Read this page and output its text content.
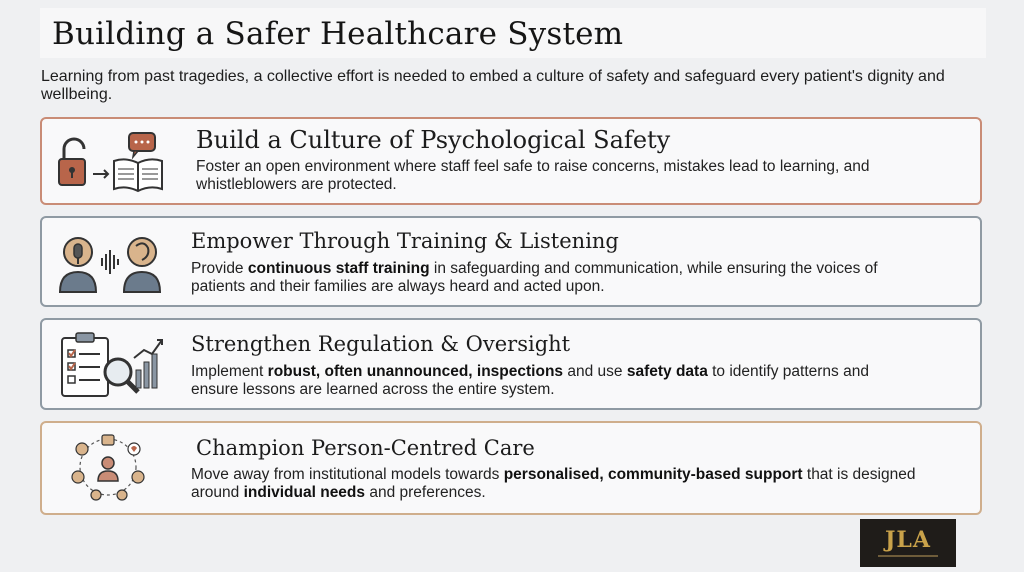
Building a Safer Healthcare System

Learning from past tragedies, a collective effort is needed to embed a culture of safety and safeguard every patient's dignity and wellbeing.

Build a Culture of Psychological Safety

Foster an open environment where staff feel safe to raise concerns, mistakes lead to learning, and whistleblowers are protected.

Empower Through Training & Listening

Provide continuous staff training in safeguarding and communication, while ensuring the voices of patients and their families are always heard and acted upon.

Strengthen Regulation & Oversight

Implement robust, often unannounced, inspections and use safety data to identify patterns and ensure lessons are learned across the entire system.

Champion Person-Centred Care

Move away from institutional models towards personalised, community-based support that is designed around individual needs and preferences.

JLA
